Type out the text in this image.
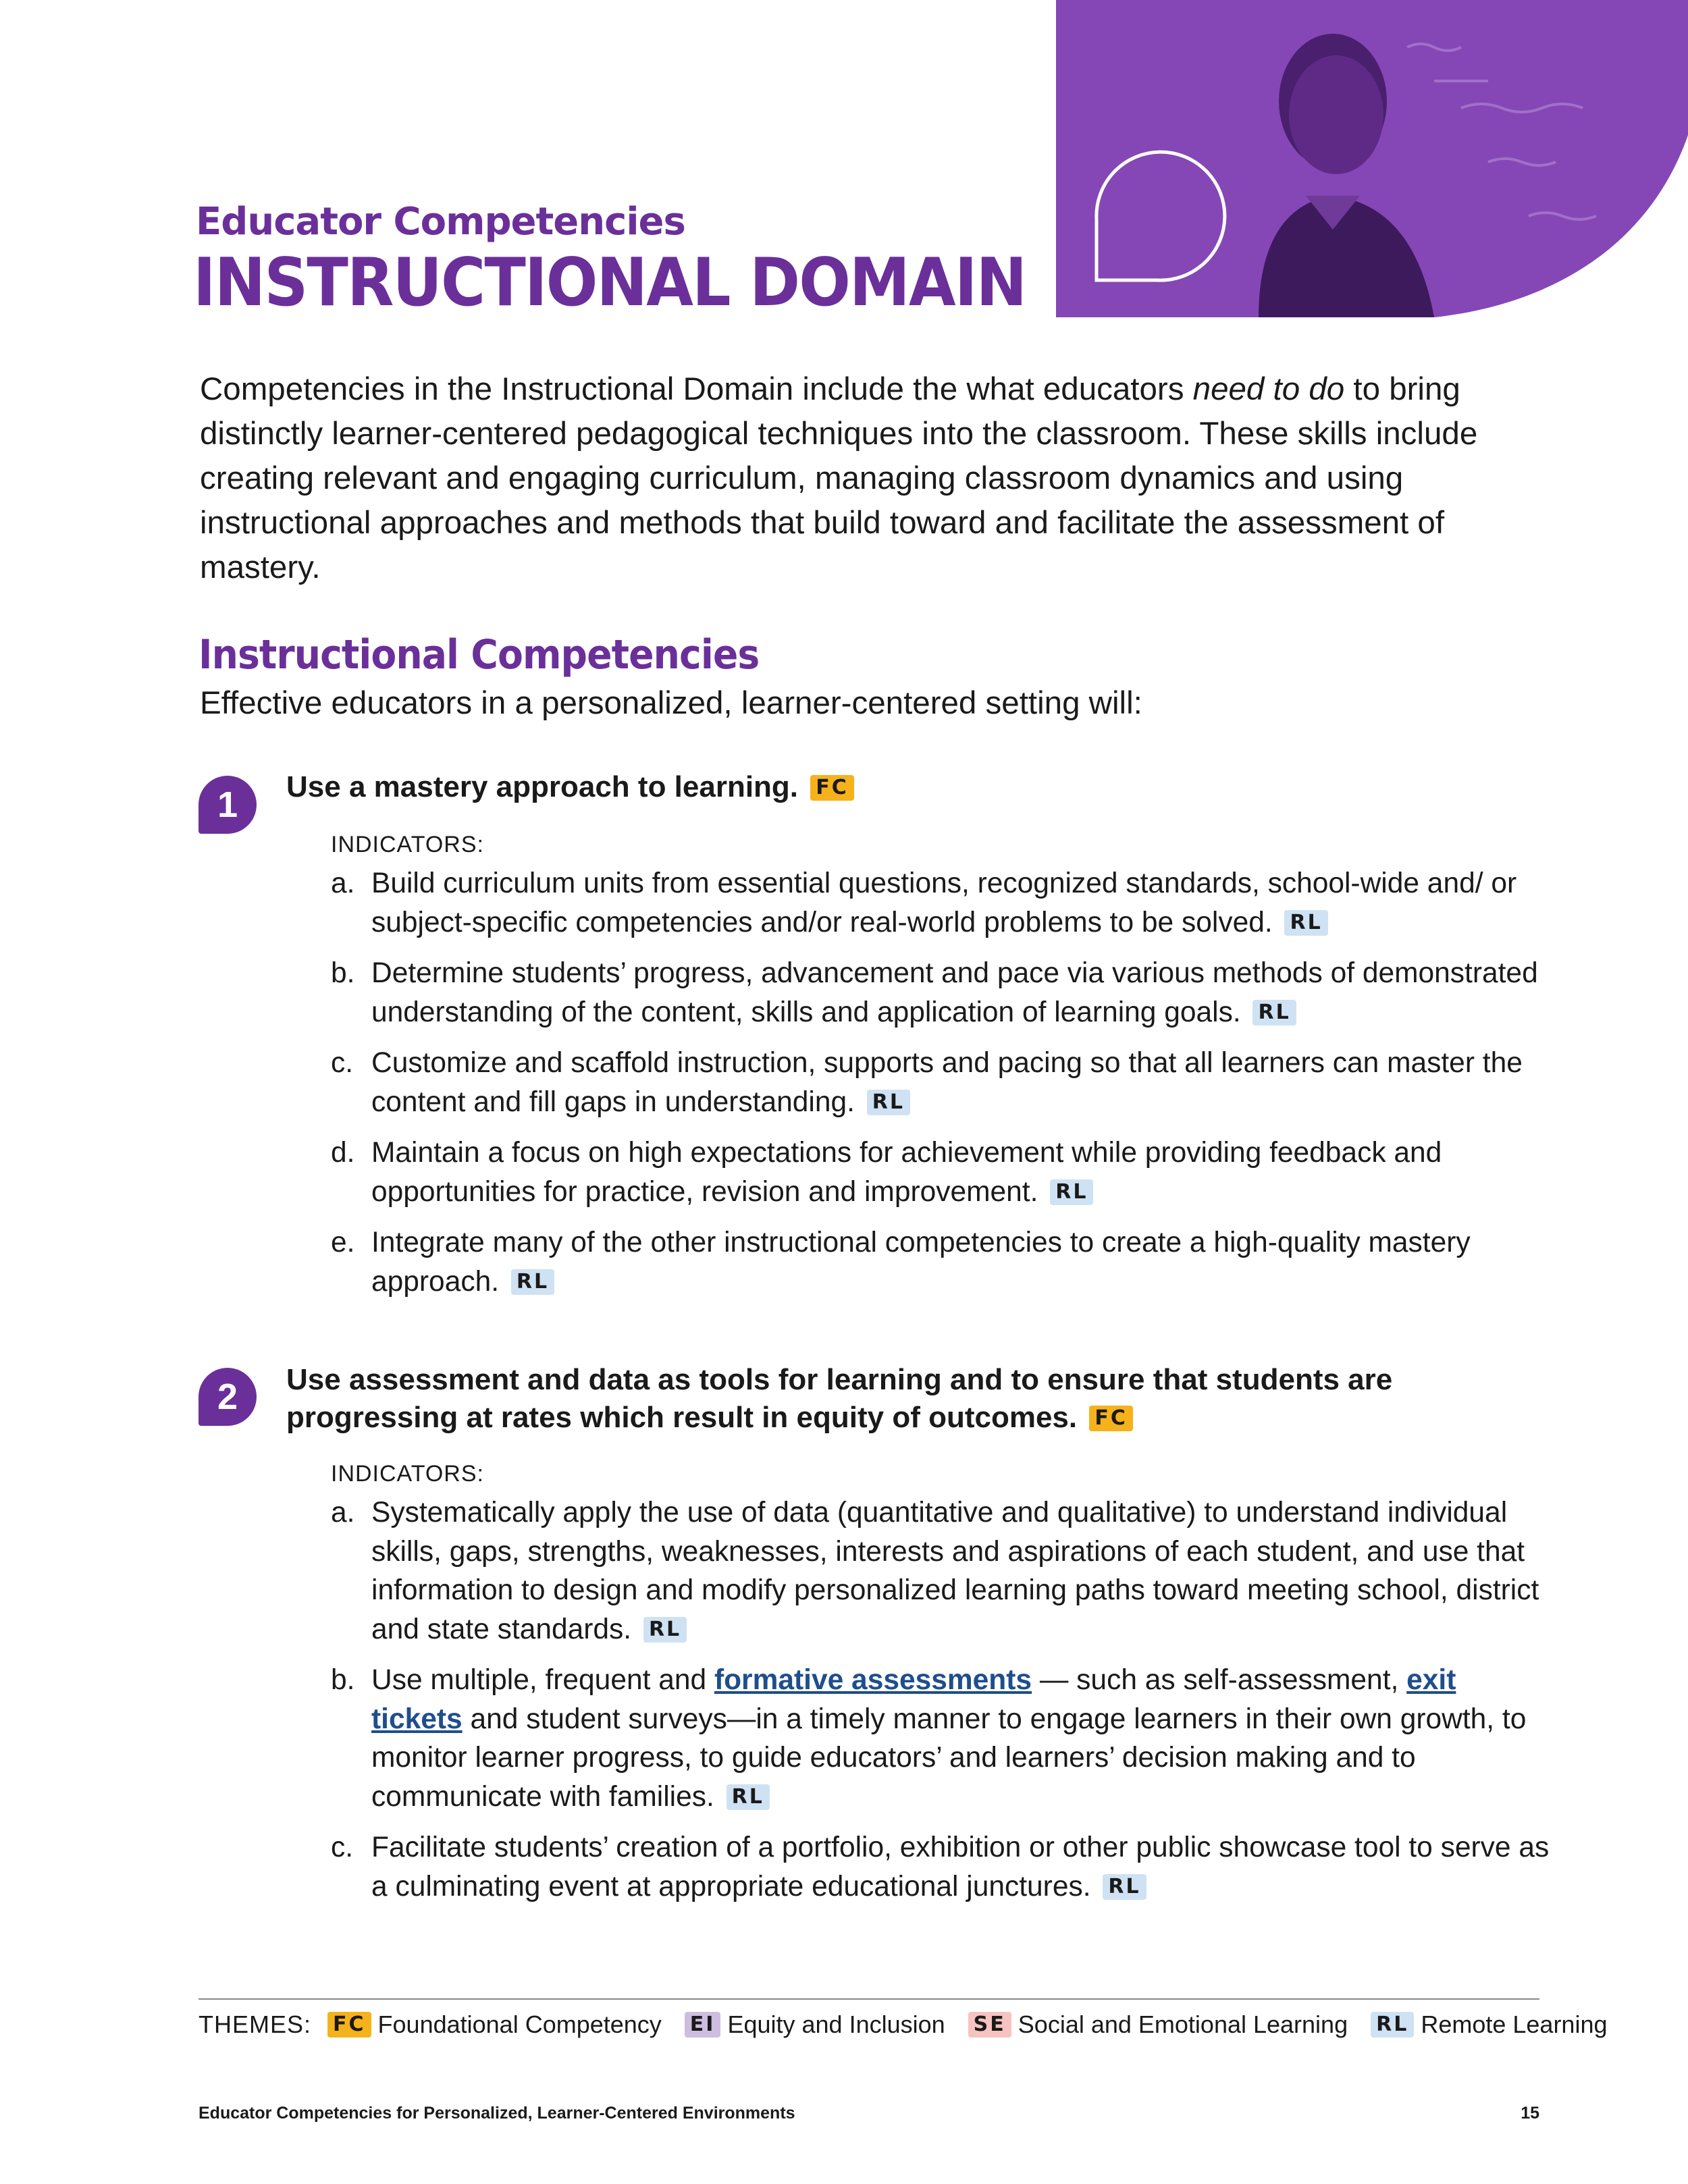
Educator Competencies
INSTRUCTIONAL DOMAIN

Competencies in the Instructional Domain include the what educators need to do to bring distinctly learner-centered pedagogical techniques into the classroom. These skills include creating relevant and engaging curriculum, managing classroom dynamics and using instructional approaches and methods that build toward and facilitate the assessment of mastery.

Instructional Competencies

Effective educators in a personalized, learner-centered setting will:

1	Use a mastery approach to learning. FC

INDICATORS:

a. Build curriculum units from essential questions, recognized standards, school-wide and/ or subject-specific competencies and/or real-world problems to be solved. RL
b. Determine students’ progress, advancement and pace via various methods of demonstrated understanding of the content, skills and application of learning goals. RL
c. Customize and scaffold instruction, supports and pacing so that all learners can master the content and fill gaps in understanding. RL
d. Maintain a focus on high expectations for achievement while providing feedback and opportunities for practice, revision and improvement. RL
e. Integrate many of the other instructional competencies to create a high-quality mastery approach. RL
2	Use assessment and data as tools for learning and to ensure that students are progressing at rates which result in equity of outcomes. FC

INDICATORS:

a. Systematically apply the use of data (quantitative and qualitative) to understand individual skills, gaps, strengths, weaknesses, interests and aspirations of each student, and use that information to design and modify personalized learning paths toward meeting school, district and state standards. RL
b. Use multiple, frequent and formative assessments — such as self-assessment, exit tickets and student surveys—in a timely manner to engage learners in their own growth, to monitor learner progress, to guide educators’ and learners’ decision making and to communicate with families. RL
c. Facilitate students’ creation of a portfolio, exhibition or other public showcase tool to serve as a culminating event at appropriate educational junctures. RL
THEMES: FC Foundational Competency EI Equity and Inclusion SE Social and Emotional Learning RL Remote Learning

Educator Competencies for Personalized, Learner-Centered Environments	15
